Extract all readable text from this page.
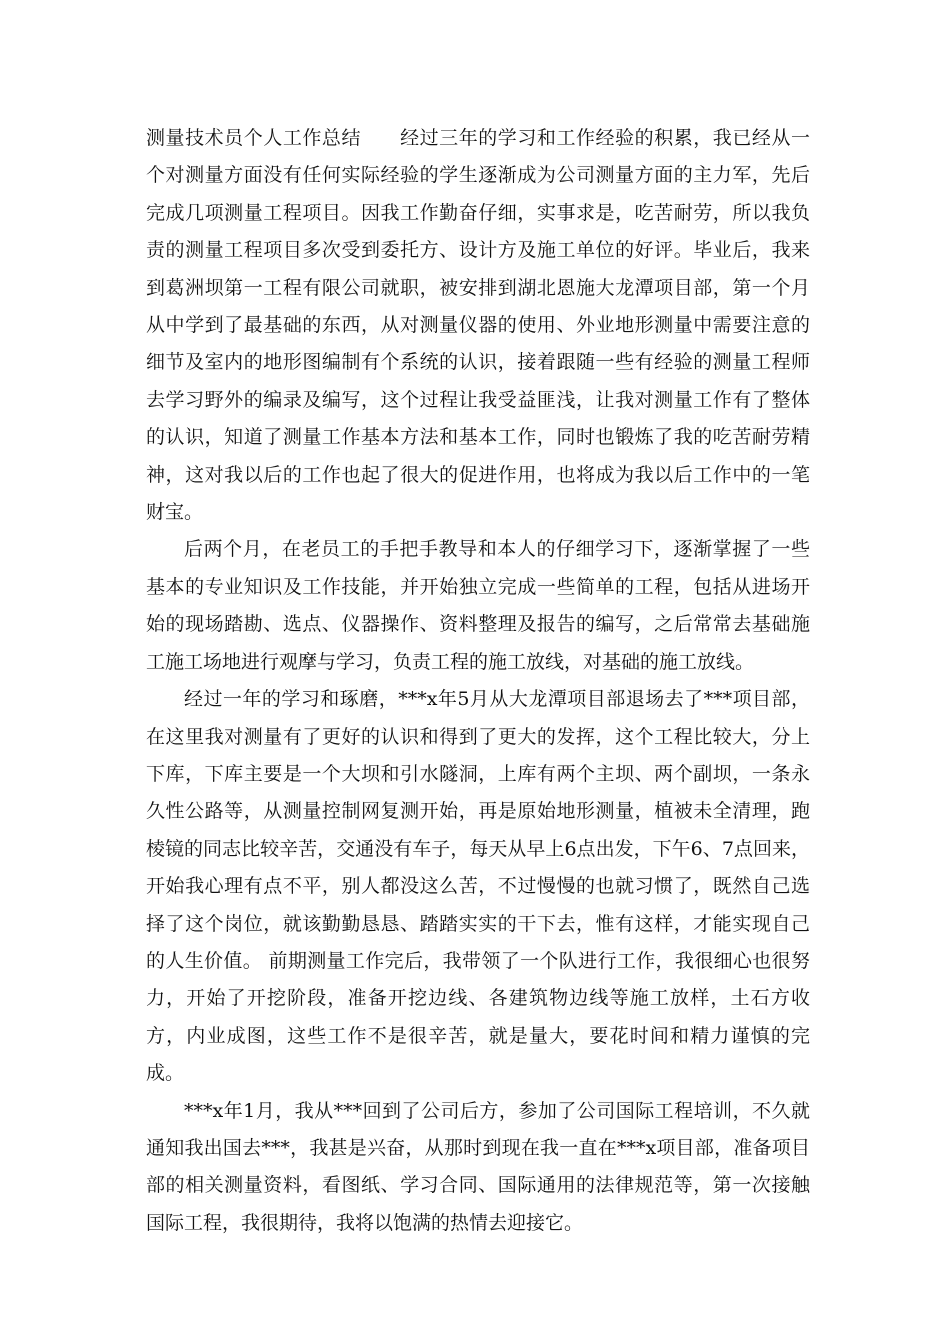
测量技术员个人工作总结　　经过三年的学习和工作经验的积累，我已经从一个对测量方面没有任何实际经验的学生逐渐成为公司测量方面的主力军，先后完成几项测量工程项目。因我工作勤奋仔细，实事求是，吃苦耐劳，所以我负责的测量工程项目多次受到委托方、设计方及施工单位的好评。毕业后，我来到葛洲坝第一工程有限公司就职，被安排到湖北恩施大龙潭项目部，第一个月从中学到了最基础的东西，从对测量仪器的使用、外业地形测量中需要注意的细节及室内的地形图编制有个系统的认识，接着跟随一些有经验的测量工程师去学习野外的编录及编写，这个过程让我受益匪浅，让我对测量工作有了整体的认识，知道了测量工作基本方法和基本工作，同时也锻炼了我的吃苦耐劳精神，这对我以后的工作也起了很大的促进作用，也将成为我以后工作中的一笔财宝。

后两个月，在老员工的手把手教导和本人的仔细学习下，逐渐掌握了一些基本的专业知识及工作技能，并开始独立完成一些简单的工程，包括从进场开始的现场踏勘、选点、仪器操作、资料整理及报告的编写，之后常常去基础施工施工场地进行观摩与学习，负责工程的施工放线，对基础的施工放线。

经过一年的学习和琢磨，***x年5月从大龙潭项目部退场去了***项目部，在这里我对测量有了更好的认识和得到了更大的发挥，这个工程比较大，分上下库，下库主要是一个大坝和引水隧洞，上库有两个主坝、两个副坝，一条永久性公路等，从测量控制网复测开始，再是原始地形测量，植被未全清理，跑棱镜的同志比较辛苦，交通没有车子，每天从早上6点出发，下午6、7点回来，开始我心理有点不平，别人都没这么苦，不过慢慢的也就习惯了，既然自己选择了这个岗位，就该勤勤恳恳、踏踏实实的干下去，惟有这样，才能实现自己的人生价值。 前期测量工作完后，我带领了一个队进行工作，我很细心也很努力，开始了开挖阶段，准备开挖边线、各建筑物边线等施工放样，土石方收方，内业成图，这些工作不是很辛苦，就是量大，要花时间和精力谨慎的完成。

***x年1月，我从***回到了公司后方，参加了公司国际工程培训，不久就通知我出国去***，我甚是兴奋，从那时到现在我一直在***x项目部，准备项目部的相关测量资料，看图纸、学习合同、国际通用的法律规范等，第一次接触国际工程，我很期待，我将以饱满的热情去迎接它。
